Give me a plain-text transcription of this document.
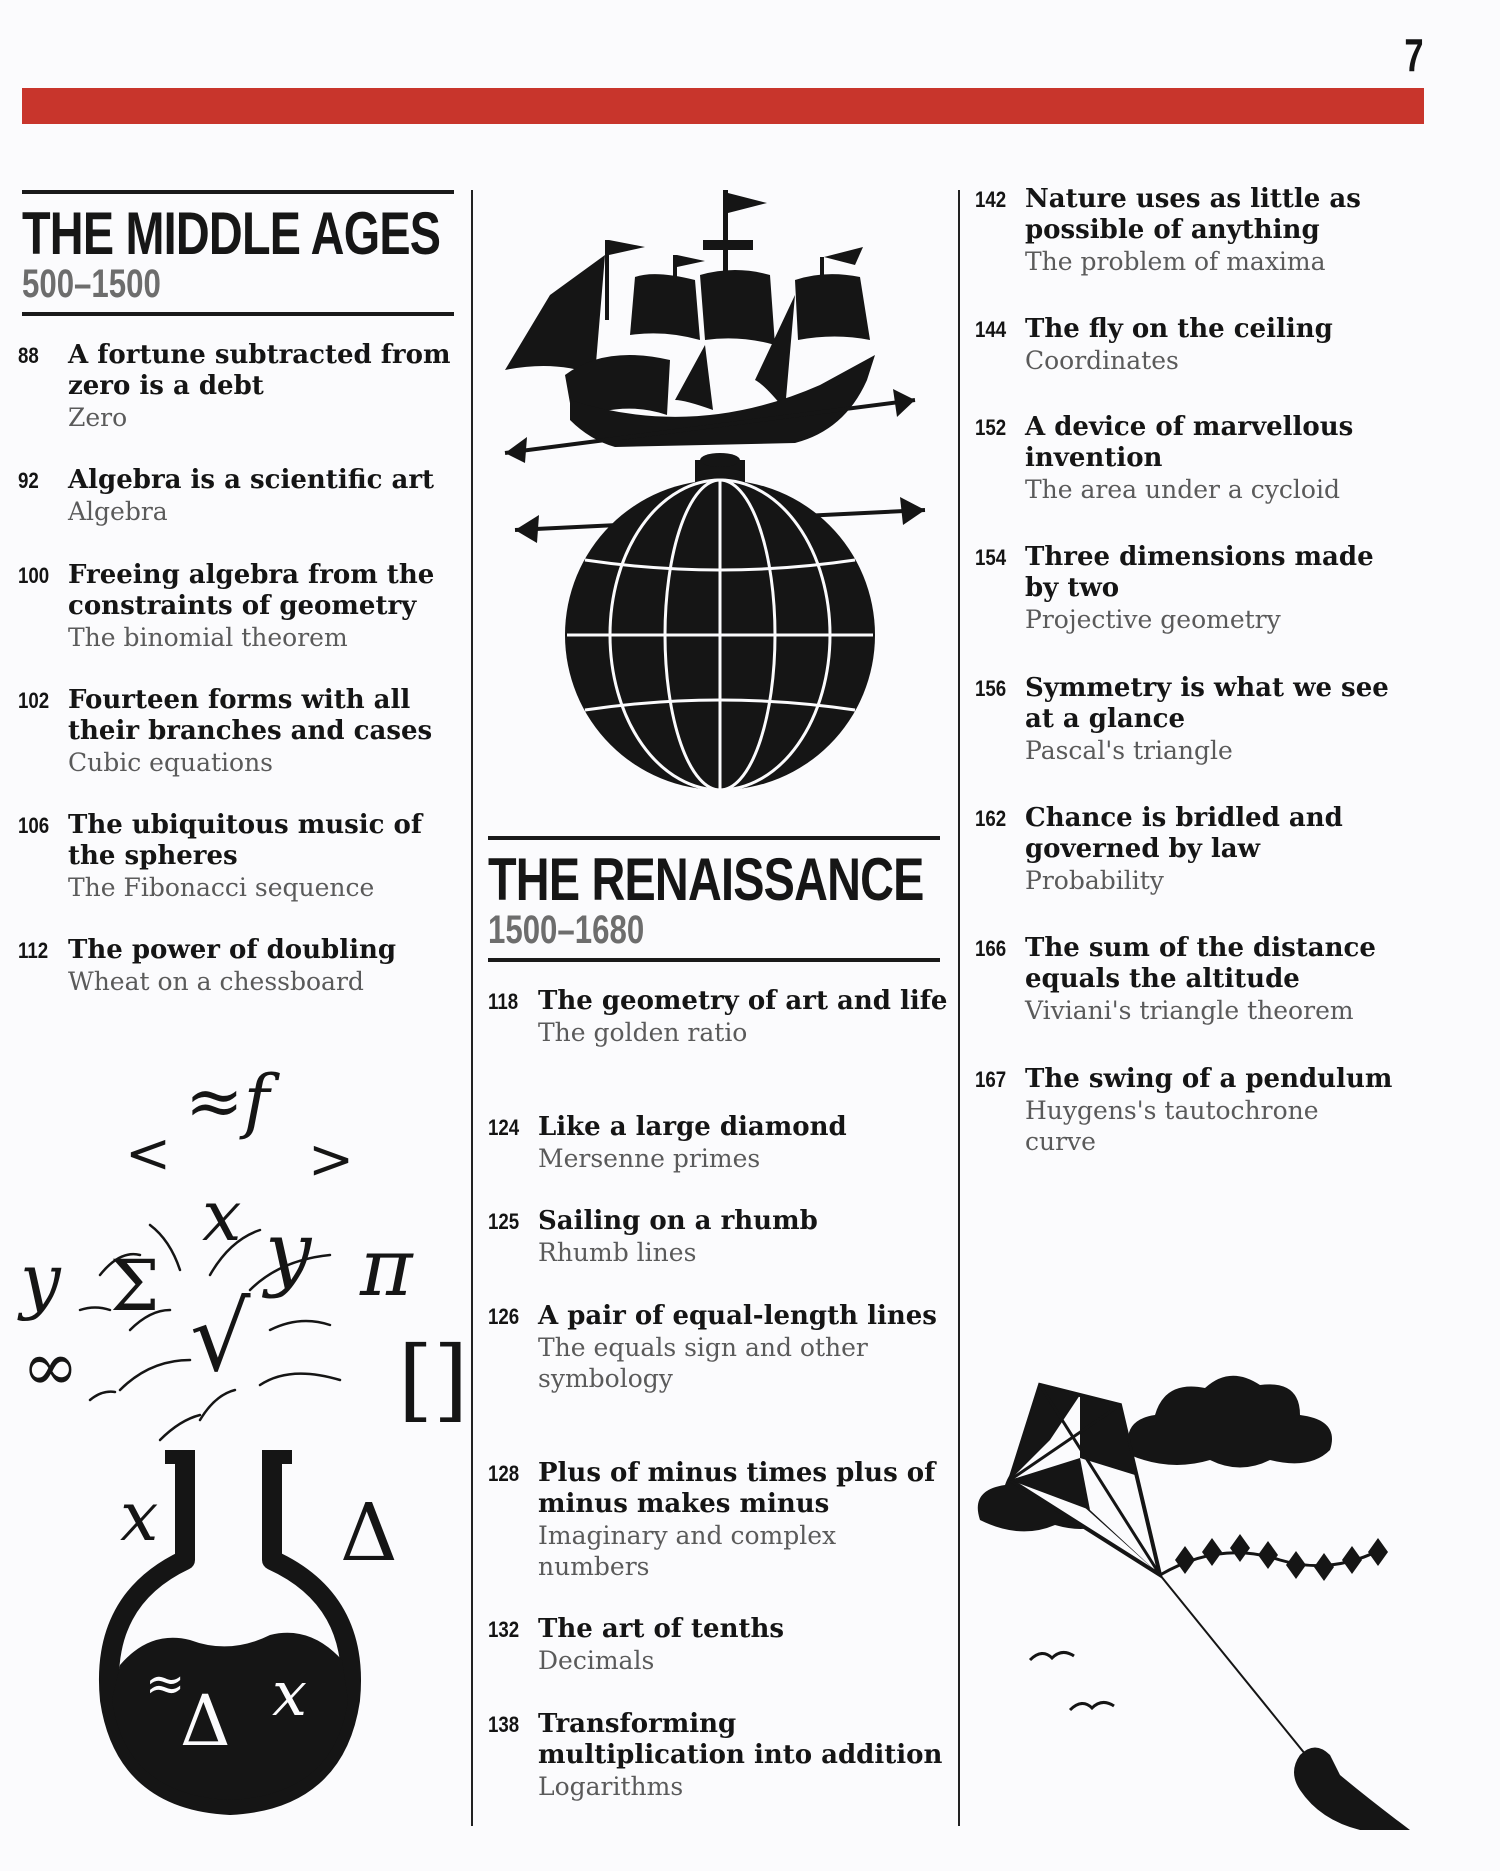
7
THE MIDDLE AGES
500–1500
88	A fortune subtracted from zero is a debt
Zero
92	Algebra is a scientific art
Algebra
100 Freeing algebra from the constraints of geometry
The binomial theorem
102 Fourteen forms with all their branches and cases
Cubic equations
106 The ubiquitous music of the spheres
The Fibonacci sequence
112 The power of doubling
Wheat on a chessboard
≈f
< >
x y
y Σ	π
√
∞	[]
x Δ
≈
Δ x
THE RENAISSANCE
1500–1680
118 The geometry of art and life
The golden ratio
124 Like a large diamond
Mersenne primes
125 Sailing on a rhumb
Rhumb lines
126 A pair of equal-length lines
The equals sign and other symbology
128 Plus of minus times plus of minus makes minus
Imaginary and complex numbers
132 The art of tenths
Decimals
138 Transforming multiplication into addition
Logarithms
142 Nature uses as little as possible of anything
The problem of maxima
144 The fly on the ceiling
Coordinates
152 A device of marvellous invention
The area under a cycloid
154 Three dimensions made by two
Projective geometry
156 Symmetry is what we see at a glance
Pascal's triangle
162 Chance is bridled and governed by law
Probability
166 The sum of the distance equals the altitude
Viviani's triangle theorem
167 The swing of a pendulum
Huygens's tautochrone curve
